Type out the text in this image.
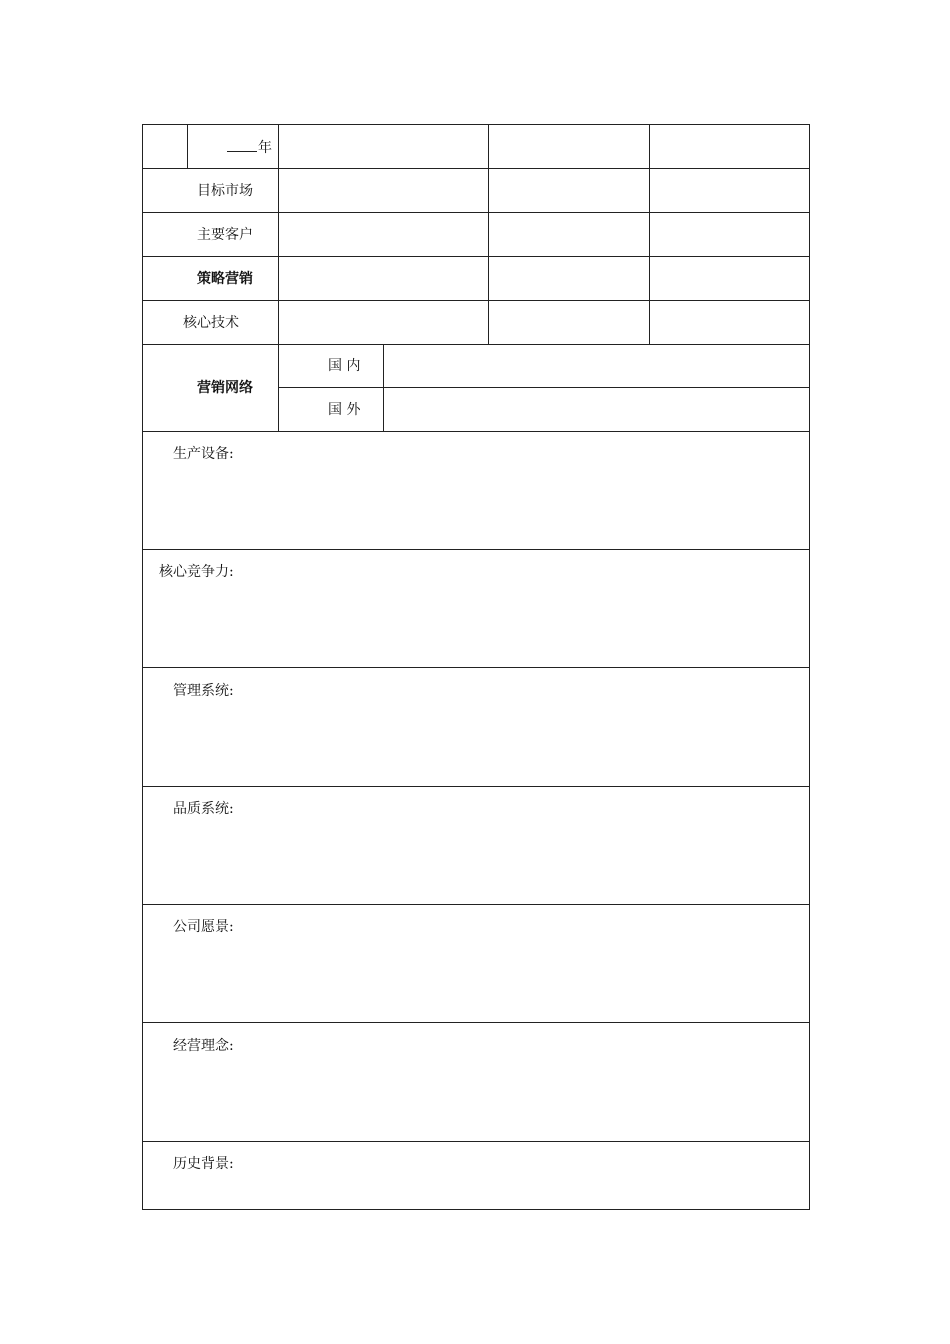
年
目标市场
主要客户
策略营销
核心技术
营销网络
国 内
国 外
生产设备:
核心竞争力:
管理系统:
品质系统:
公司愿景:
经营理念:
历史背景:
